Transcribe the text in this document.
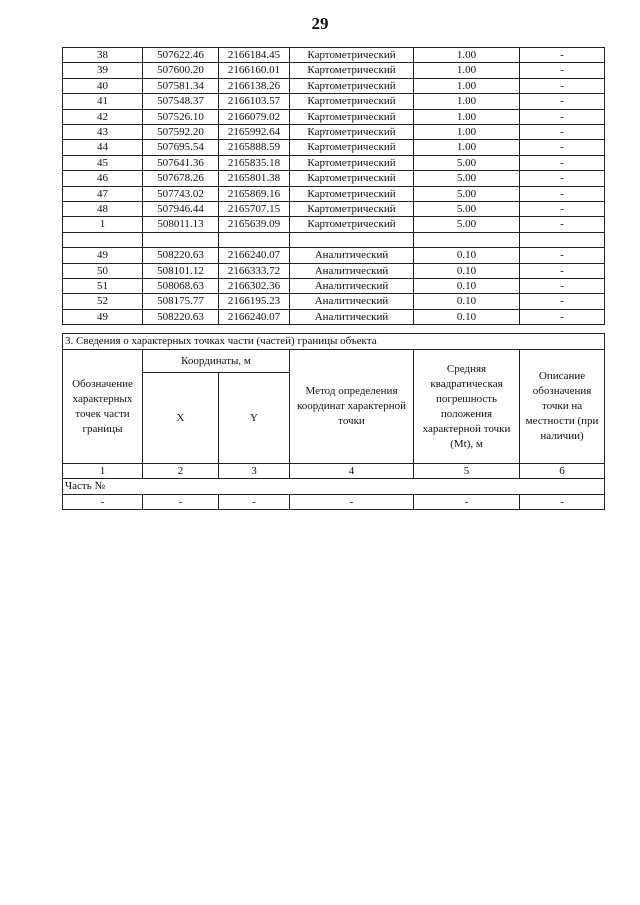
29
38	507622.46	2166184.45	Картометрический	1.00	-
39	507600.20	2166160.01	Картометрический	1.00	-
40	507581.34	2166138.26	Картометрический	1.00	-
41	507548.37	2166103.57	Картометрический	1.00	-
42	507526.10	2166079.02	Картометрический	1.00	-
43	507592.20	2165992.64	Картометрический	1.00	-
44	507695.54	2165888.59	Картометрический	1.00	-
45	507641.36	2165835.18	Картометрический	5.00	-
46	507678.26	2165801.38	Картометрический	5.00	-
47	507743.02	2165869.16	Картометрический	5.00	-
48	507946.44	2165707.15	Картометрический	5.00	-
1	508011.13	2165639.09	Картометрический	5.00	-

49	508220.63	2166240.07	Аналитический	0.10	-
50	508101.12	2166333.72	Аналитический	0.10	-
51	508068.63	2166302.36	Аналитический	0.10	-
52	508175.77	2166195.23	Аналитический	0.10	-
49	508220.63	2166240.07	Аналитический	0.10	-
3. Сведения о характерных точках части (частей) границы объекта					
Обозначение характерных точек части границы	Координаты, м		Метод определения координат характерной точки	Средняя квадратическая погрешность положения характерной точки (Mt), м	Описание обозначения точки на местности (при наличии)
	X	Y			
1	2	3	4	5	6
Часть №					
-	-	-	-	-	-
